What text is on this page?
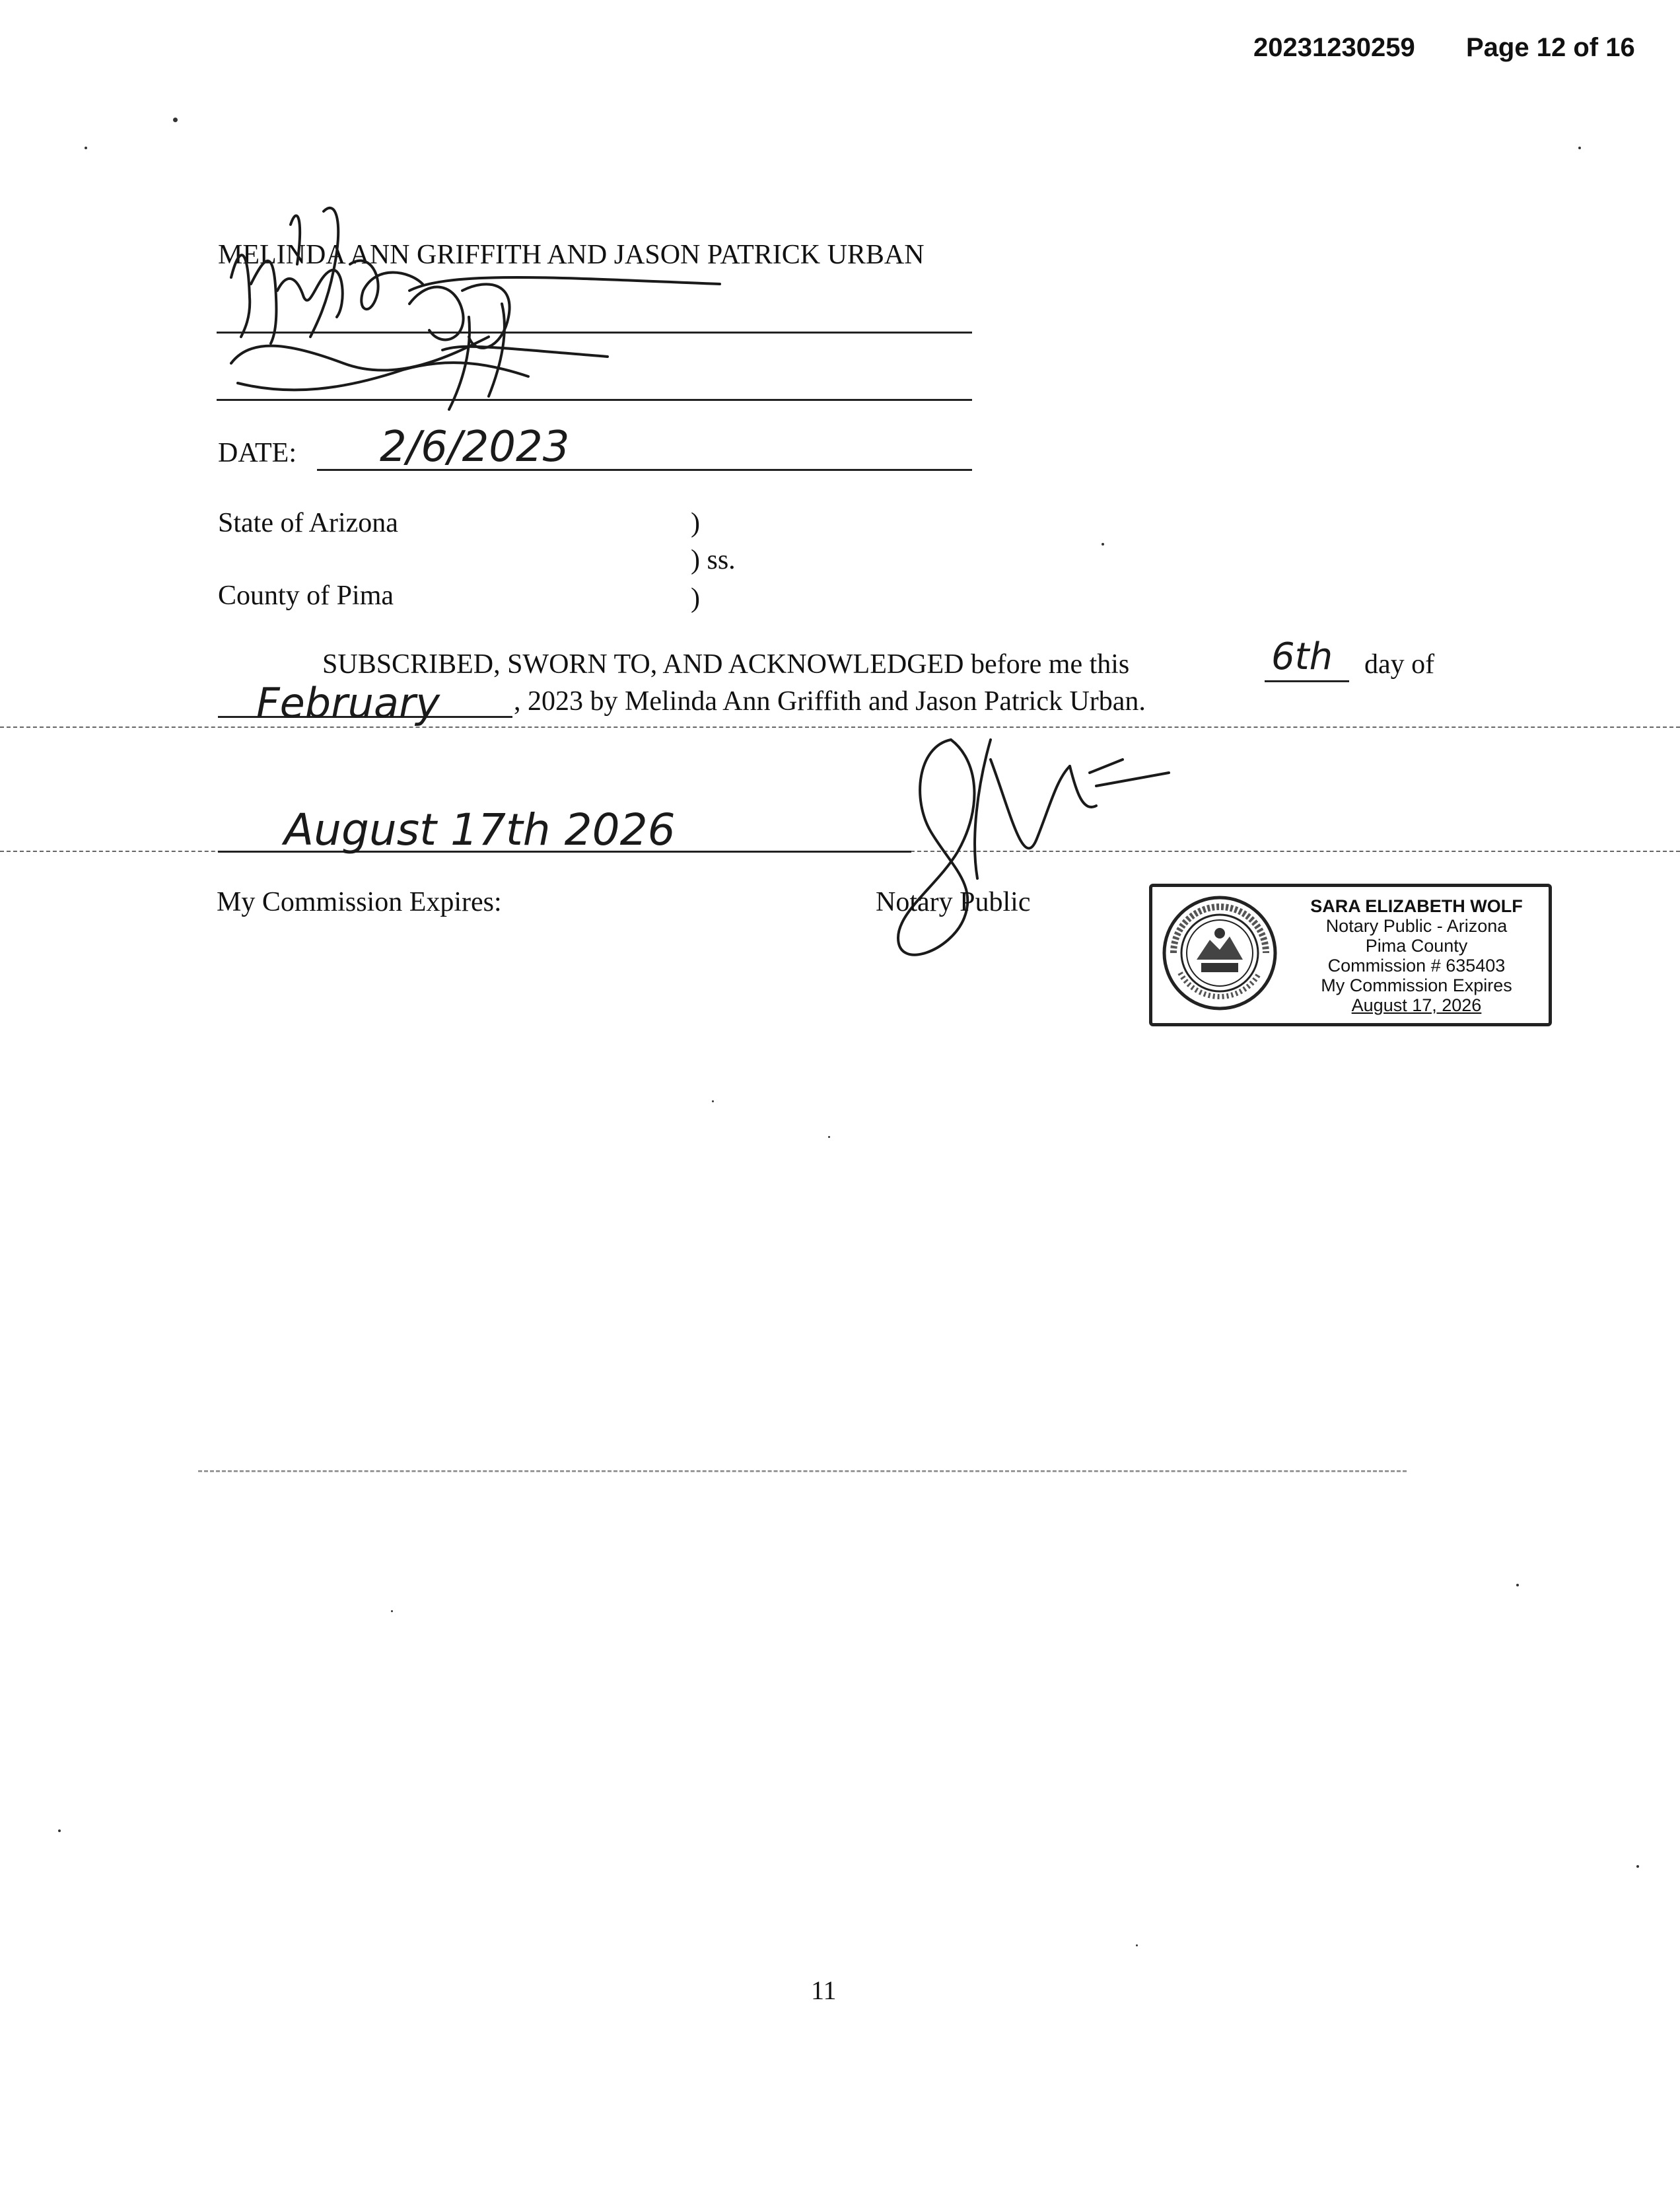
20231230259 Page 12 of 16
MELINDA ANN GRIFFITH AND JASON PATRICK URBAN
DATE: 2/6/2023
State of Arizona	)
) ss.
County of Pima	)
SUBSCRIBED, SWORN TO, AND ACKNOWLEDGED before me this	6th day of
February	, 2023 by Melinda Ann Griffith and Jason Patrick Urban.
August 17th 2026
My Commission Expires:	Notary Public	SARA ELIZABETH WOLF
Notary Public - Arizona
Pima County
Commission # 635403
My Commission Expires
August 17, 2026
11
